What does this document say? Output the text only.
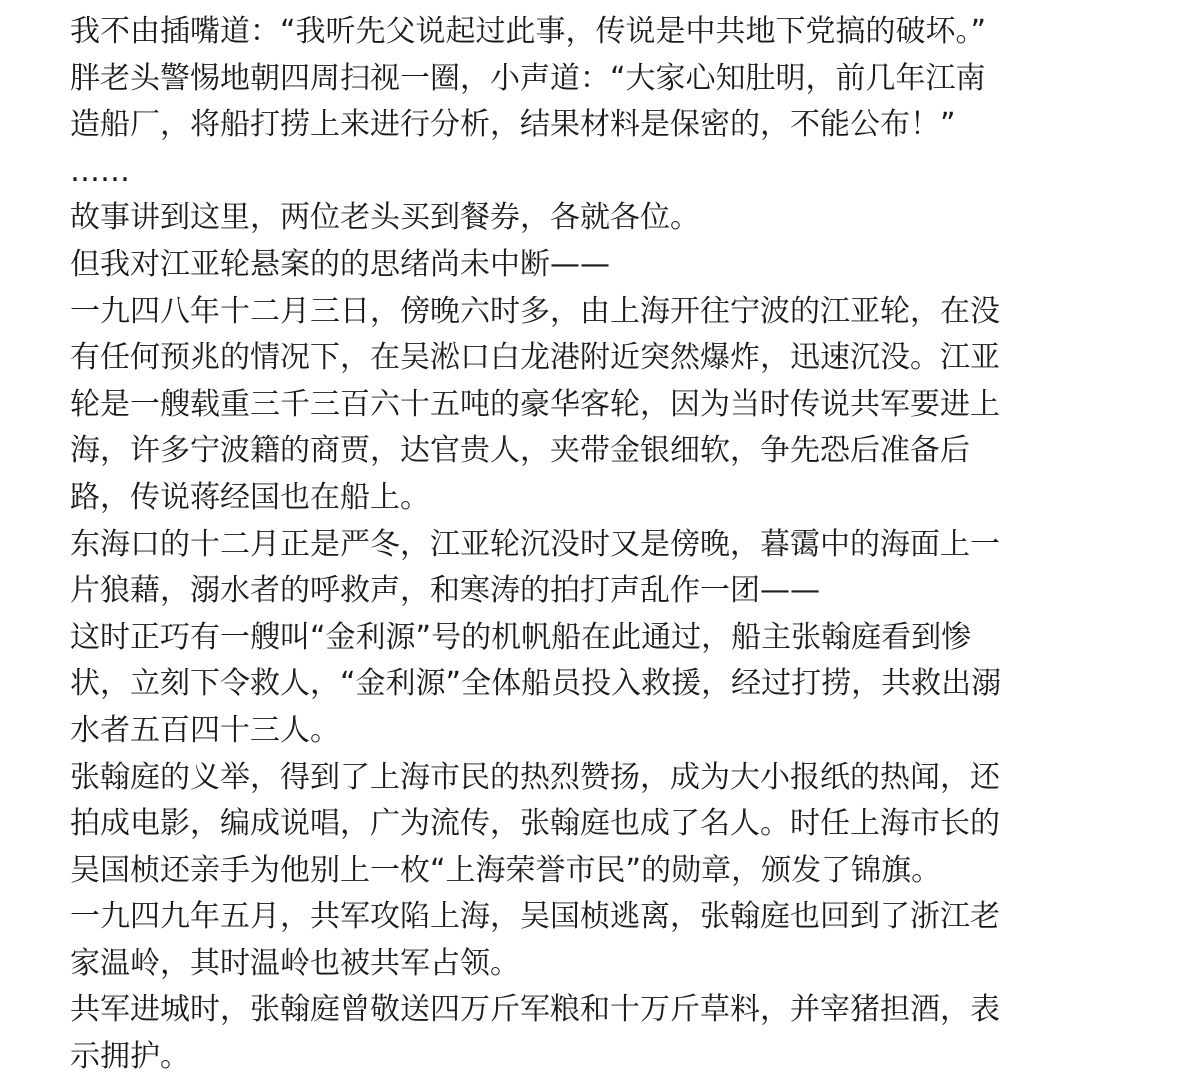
我不由插嘴道：“我听先父说起过此事，传说是中共地下党搞的破坏。”
胖老头警惕地朝四周扫视一圈，小声道：“大家心知肚明，前几年江南
造船厂，将船打捞上来进行分析，结果材料是保密的，不能公布！”
……
故事讲到这里，两位老头买到餐券，各就各位。
但我对江亚轮悬案的的思绪尚未中断——
一九四八年十二月三日，傍晚六时多，由上海开往宁波的江亚轮，在没
有任何预兆的情况下，在吴淞口白龙港附近突然爆炸，迅速沉没。江亚
轮是一艘载重三千三百六十五吨的豪华客轮，因为当时传说共军要进上
海，许多宁波籍的商贾，达官贵人，夹带金银细软，争先恐后准备后
路，传说蒋经国也在船上。
东海口的十二月正是严冬，江亚轮沉没时又是傍晚，暮霭中的海面上一
片狼藉，溺水者的呼救声，和寒涛的拍打声乱作一团——
这时正巧有一艘叫“金利源”号的机帆船在此通过，船主张翰庭看到惨
状，立刻下令救人，“金利源”全体船员投入救援，经过打捞，共救出溺
水者五百四十三人。
张翰庭的义举，得到了上海市民的热烈赞扬，成为大小报纸的热闻，还
拍成电影，编成说唱，广为流传，张翰庭也成了名人。时任上海市长的
吴国桢还亲手为他别上一枚“上海荣誉市民”的勋章，颁发了锦旗。
一九四九年五月，共军攻陷上海，吴国桢逃离，张翰庭也回到了浙江老
家温岭，其时温岭也被共军占领。
共军进城时，张翰庭曾敬送四万斤军粮和十万斤草料，并宰猪担酒，表
示拥护。
